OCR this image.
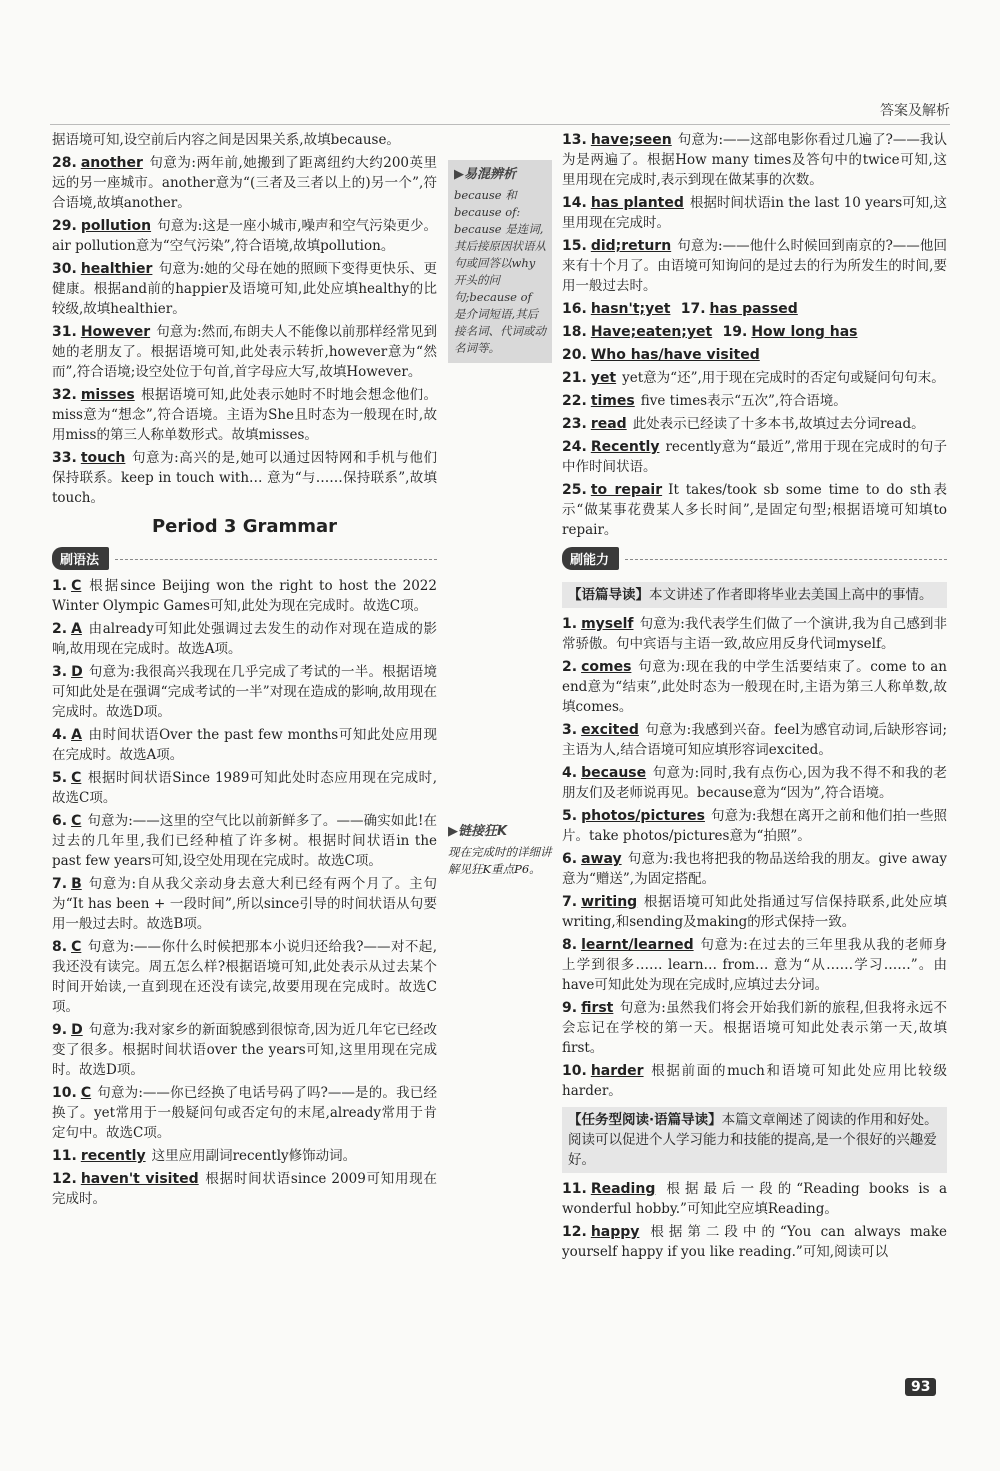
答案及解析
据语境可知,设空前后内容之间是因果关系,故填because。
28. another 句意为:两年前,她搬到了距离纽约大约200英里远的另一座城市。another意为“(三者及三者以上的)另一个”,符合语境,故填another。
29. pollution 句意为:这是一座小城市,噪声和空气污染更少。air pollution意为“空气污染”,符合语境,故填pollution。
30. healthier 句意为:她的父母在她的照顾下变得更快乐、更健康。根据and前的happier及语境可知,此处应填healthy的比较级,故填healthier。
31. However 句意为:然而,布朗夫人不能像以前那样经常见到她的老朋友了。根据语境可知,此处表示转折,however意为“然而”,符合语境;设空处位于句首,首字母应大写,故填However。
32. misses 根据语境可知,此处表示她时不时地会想念他们。miss意为“想念”,符合语境。主语为She且时态为一般现在时,故用miss的第三人称单数形式。故填misses。
33. touch 句意为:高兴的是,她可以通过因特网和手机与他们保持联系。keep in touch with… 意为“与……保持联系”,故填touch。
Period 3 Grammar
刷语法
1. C 根据since Beijing won the right to host the 2022 Winter Olympic Games可知,此处为现在完成时。故选C项。
2. A 由already可知此处强调过去发生的动作对现在造成的影响,故用现在完成时。故选A项。
3. D 句意为:我很高兴我现在几乎完成了考试的一半。根据语境可知此处是在强调“完成考试的一半”对现在造成的影响,故用现在完成时。故选D项。
4. A 由时间状语Over the past few months可知此处应用现在完成时。故选A项。
5. C 根据时间状语Since 1989可知此处时态应用现在完成时,故选C项。
6. C 句意为:——这里的空气比以前新鲜多了。——确实如此!在过去的几年里,我们已经种植了许多树。根据时间状语in the past few years可知,设空处用现在完成时。故选C项。
7. B 句意为:自从我父亲动身去意大利已经有两个月了。主句为“It has been + 一段时间”,所以since引导的时间状语从句要用一般过去时。故选B项。
8. C 句意为:——你什么时候把那本小说归还给我?——对不起,我还没有读完。周五怎么样?根据语境可知,此处表示从过去某个时间开始读,一直到现在还没有读完,故要用现在完成时。故选C项。
9. D 句意为:我对家乡的新面貌感到很惊奇,因为近几年它已经改变了很多。根据时间状语over the years可知,这里用现在完成时。故选D项。
10. C 句意为:——你已经换了电话号码了吗?——是的。我已经换了。yet常用于一般疑问句或否定句的末尾,already常用于肯定句中。故选C项。
11. recently 这里应用副词recently修饰动词。
12. haven't visited 根据时间状语since 2009可知用现在完成时。
▶易混辨析
because 和 because of: because 是连词,其后接原因状语从句或回答以why开头的问句;because of 是介词短语,其后接名词、代词或动名词等。
▶链接狂K
现在完成时的详细讲解见狂K重点P6。
13. have;seen 句意为:——这部电影你看过几遍了?——我认为是两遍了。根据How many times及答句中的twice可知,这里用现在完成时,表示到现在做某事的次数。
14. has planted 根据时间状语in the last 10 years可知,这里用现在完成时。
15. did;return 句意为:——他什么时候回到南京的?——他回来有十个月了。由语境可知询问的是过去的行为所发生的时间,要用一般过去时。
16. hasn't;yet 17. has passed
18. Have;eaten;yet 19. How long has
20. Who has/have visited
21. yet yet意为“还”,用于现在完成时的否定句或疑问句句末。
22. times five times表示“五次”,符合语境。
23. read 此处表示已经读了十多本书,故填过去分词read。
24. Recently recently意为“最近”,常用于现在完成时的句子中作时间状语。
25. to repair It takes/took sb some time to do sth表示“做某事花费某人多长时间”,是固定句型;根据语境可知填to repair。
刷能力
【语篇导读】本文讲述了作者即将毕业去美国上高中的事情。
1. myself 句意为:我代表学生们做了一个演讲,我为自己感到非常骄傲。句中宾语与主语一致,故应用反身代词myself。
2. comes 句意为:现在我的中学生活要结束了。come to an end意为“结束”,此处时态为一般现在时,主语为第三人称单数,故填comes。
3. excited 句意为:我感到兴奋。feel为感官动词,后缺形容词;主语为人,结合语境可知应填形容词excited。
4. because 句意为:同时,我有点伤心,因为我不得不和我的老朋友们及老师说再见。because意为“因为”,符合语境。
5. photos/pictures 句意为:我想在离开之前和他们拍一些照片。take photos/pictures意为“拍照”。
6. away 句意为:我也将把我的物品送给我的朋友。give away意为“赠送”,为固定搭配。
7. writing 根据语境可知此处指通过写信保持联系,此处应填writing,和sending及making的形式保持一致。
8. learnt/learned 句意为:在过去的三年里我从我的老师身上学到很多…… learn… from… 意为“从……学习……”。由have可知此处为现在完成时,应填过去分词。
9. first 句意为:虽然我们将会开始我们新的旅程,但我将永远不会忘记在学校的第一天。根据语境可知此处表示第一天,故填first。
10. harder 根据前面的much和语境可知此处应用比较级harder。
【任务型阅读·语篇导读】本篇文章阐述了阅读的作用和好处。阅读可以促进个人学习能力和技能的提高,是一个很好的兴趣爱好。
11. Reading 根据最后一段的“Reading books is a wonderful hobby.”可知此空应填Reading。
12. happy 根据第二段中的“You can always make yourself happy if you like reading.”可知,阅读可以
93
